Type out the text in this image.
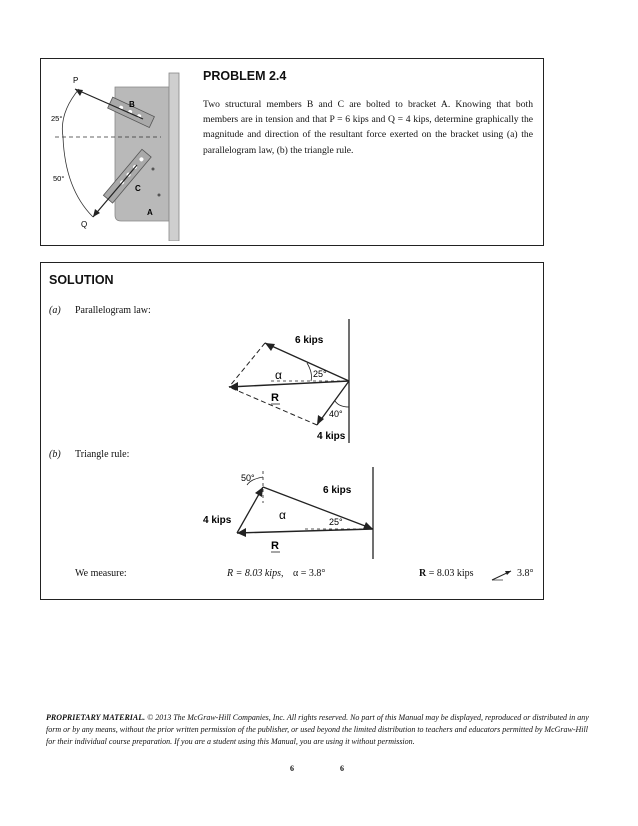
P
B
25°
50°
C
Q
A
PROBLEM 2.4
Two structural members B and C are bolted to bracket A. Knowing that both members are in tension and that P = 6 kips and Q = 4 kips, determine graphically the magnitude and direction of the resultant force exerted on the bracket using (a) the parallelogram law, (b) the triangle rule.
SOLUTION
(a) Parallelogram law:
6 kips
25°
α
R
40°
4 kips
(b) Triangle rule:
50°
6 kips
4 kips	α	25°
R
We measure:	R = 8.03 kips, α = 3.8°	R = 8.03 kips	3.8°
PROPRIETARY MATERIAL. © 2013 The McGraw-Hill Companies, Inc. All rights reserved. No part of this Manual may be displayed, reproduced or distributed in any form or by any means, without the prior written permission of the publisher, or used beyond the limited distribution to teachers and educators permitted by McGraw-Hill for their individual course preparation. If you are a student using this Manual, you are using it without permission.
6	6
